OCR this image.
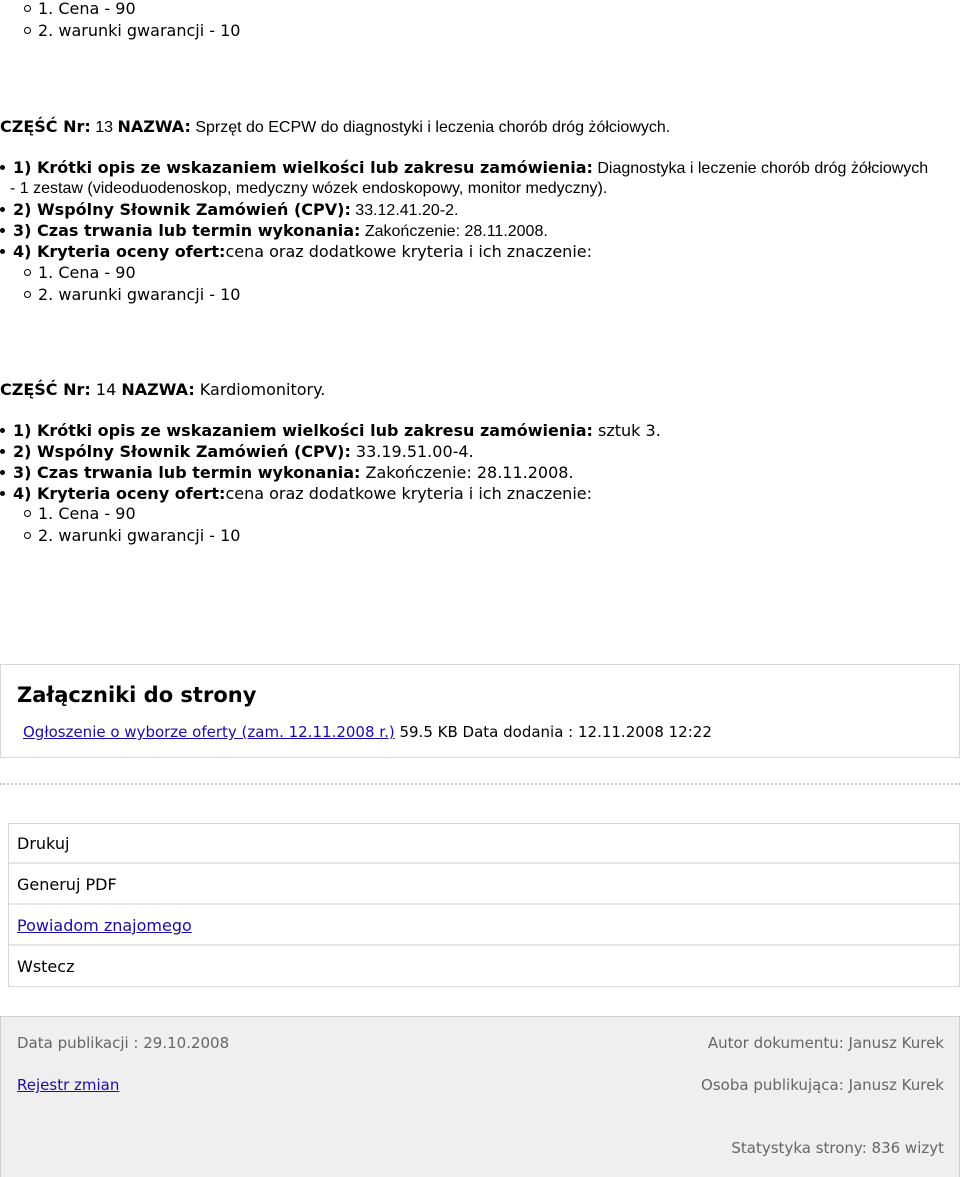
1. Cena - 90
2. warunki gwarancji - 10
CZĘŚĆ Nr: 13 NAZWA: Sprzęt do ECPW do diagnostyki i leczenia chorób dróg żółciowych.
1) Krótki opis ze wskazaniem wielkości lub zakresu zamówienia: Diagnostyka i leczenie chorób dróg żółciowych
- 1 zestaw (videoduodenoskop, medyczny wózek endoskopowy, monitor medyczny).
2) Wspólny Słownik Zamówień (CPV): 33.12.41.20-2.
3) Czas trwania lub termin wykonania: Zakończenie: 28.11.2008.
4) Kryteria oceny ofert:cena oraz dodatkowe kryteria i ich znaczenie:
1. Cena - 90
2. warunki gwarancji - 10
CZĘŚĆ Nr: 14 NAZWA: Kardiomonitory.
1) Krótki opis ze wskazaniem wielkości lub zakresu zamówienia: sztuk 3.
2) Wspólny Słownik Zamówień (CPV): 33.19.51.00-4.
3) Czas trwania lub termin wykonania: Zakończenie: 28.11.2008.
4) Kryteria oceny ofert:cena oraz dodatkowe kryteria i ich znaczenie:
1. Cena - 90
2. warunki gwarancji - 10
Załączniki do strony
Ogłoszenie o wyborze oferty (zam. 12.11.2008 r.) 59.5 KB Data dodania : 12.11.2008 12:22
Drukuj
Generuj PDF
Powiadom znajomego
Wstecz
Data publikacji : 29.10.2008	Autor dokumentu: Janusz Kurek
Rejestr zmian	Osoba publikująca: Janusz Kurek
Statystyka strony: 836 wizyt
